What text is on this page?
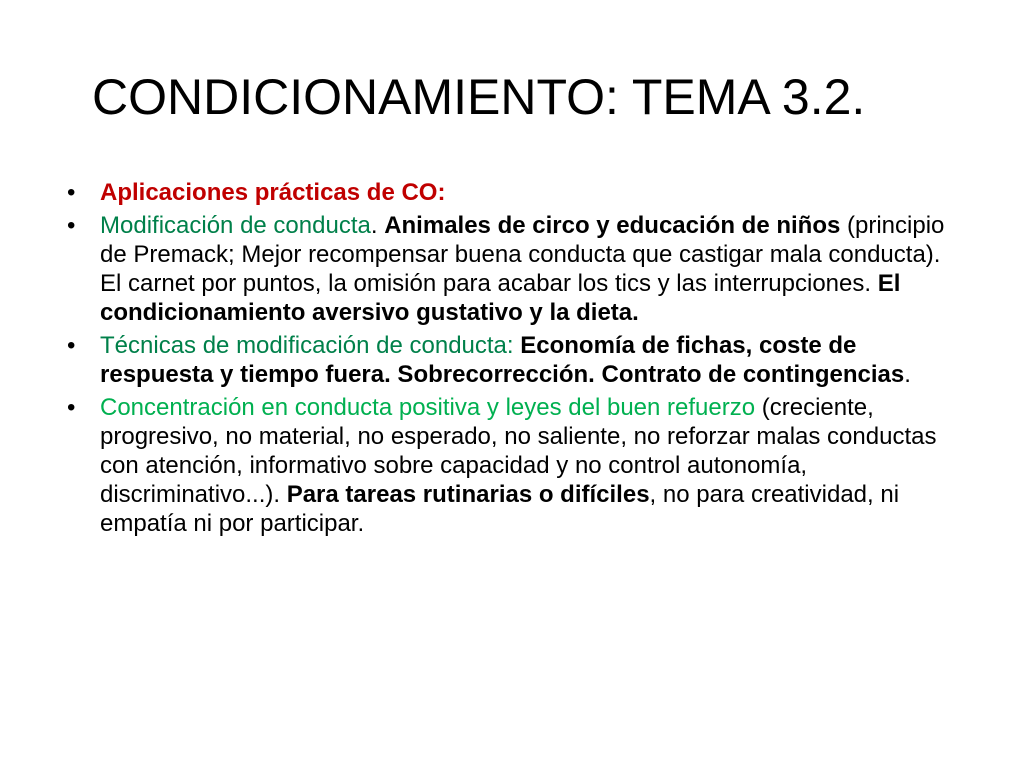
CONDICIONAMIENTO: TEMA 3.2.
• Aplicaciones prácticas de CO:
• Modificación de conducta. Animales de circo y educación de niños (principio de Premack; Mejor recompensar buena conducta que castigar mala conducta). El carnet por puntos, la omisión para acabar los tics y las interrupciones. El condicionamiento aversivo gustativo y la dieta.
• Técnicas de modificación de conducta: Economía de fichas, coste de respuesta y tiempo fuera. Sobrecorrección. Contrato de contingencias.
• Concentración en conducta positiva y leyes del buen refuerzo (creciente, progresivo, no material, no esperado, no saliente, no reforzar malas conductas con atención, informativo sobre capacidad y no control autonomía, discriminativo...). Para tareas rutinarias o difíciles, no para creatividad, ni empatía ni por participar.
